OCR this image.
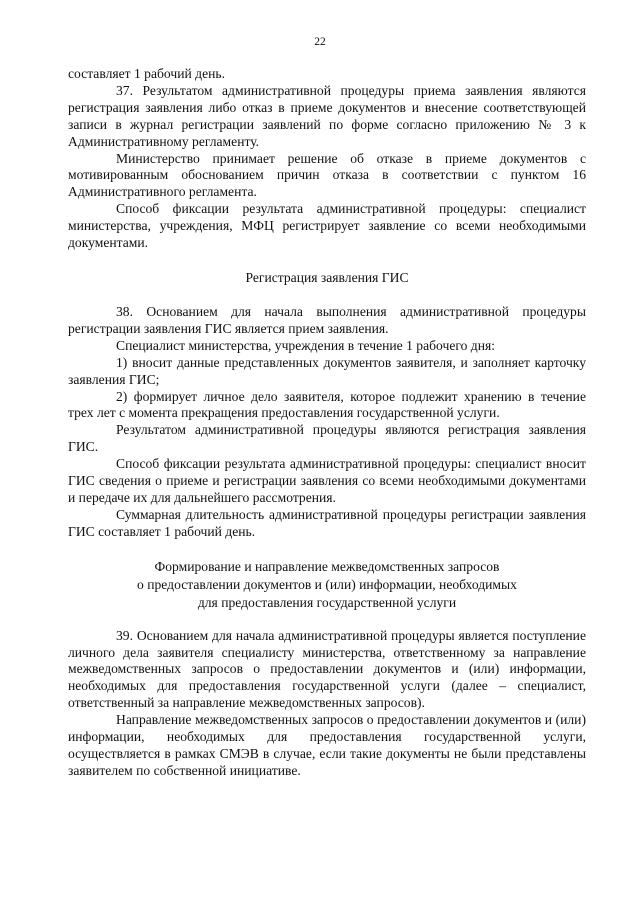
22

составляет 1 рабочий день.

37. Результатом административной процедуры приема заявления являются регистрация заявления либо отказ в приеме документов и внесение соответствующей записи в журнал регистрации заявлений по форме согласно приложению № 3 к Административному регламенту.

Министерство принимает решение об отказе в приеме документов с мотивированным обоснованием причин отказа в соответствии с пунктом 16 Административного регламента.

Способ фиксации результата административной процедуры: специалист министерства, учреждения, МФЦ регистрирует заявление со всеми необходимыми документами.

Регистрация заявления ГИС

38. Основанием для начала выполнения административной процедуры регистрации заявления ГИС является прием заявления.

Специалист министерства, учреждения в течение 1 рабочего дня:

1) вносит данные представленных документов заявителя, и заполняет карточку заявления ГИС;

2) формирует личное дело заявителя, которое подлежит хранению в течение трех лет с момента прекращения предоставления государственной услуги.

Результатом административной процедуры являются регистрация заявления ГИС.

Способ фиксации результата административной процедуры: специалист вносит ГИС сведения о приеме и регистрации заявления со всеми необходимыми документами и передаче их для дальнейшего рассмотрения.

Суммарная длительность административной процедуры регистрации заявления ГИС составляет 1 рабочий день.

Формирование и направление межведомственных запросов

о предоставлении документов и (или) информации, необходимых

для предоставления государственной услуги

39. Основанием для начала административной процедуры является поступление личного дела заявителя специалисту министерства, ответственному за направление межведомственных запросов о предоставлении документов и (или) информации, необходимых для предоставления государственной услуги (далее – специалист, ответственный за направление межведомственных запросов).

Направление межведомственных запросов о предоставлении документов и (или) информации, необходимых для предоставления государственной услуги, осуществляется в рамках СМЭВ в случае, если такие документы не были представлены заявителем по собственной инициативе.
